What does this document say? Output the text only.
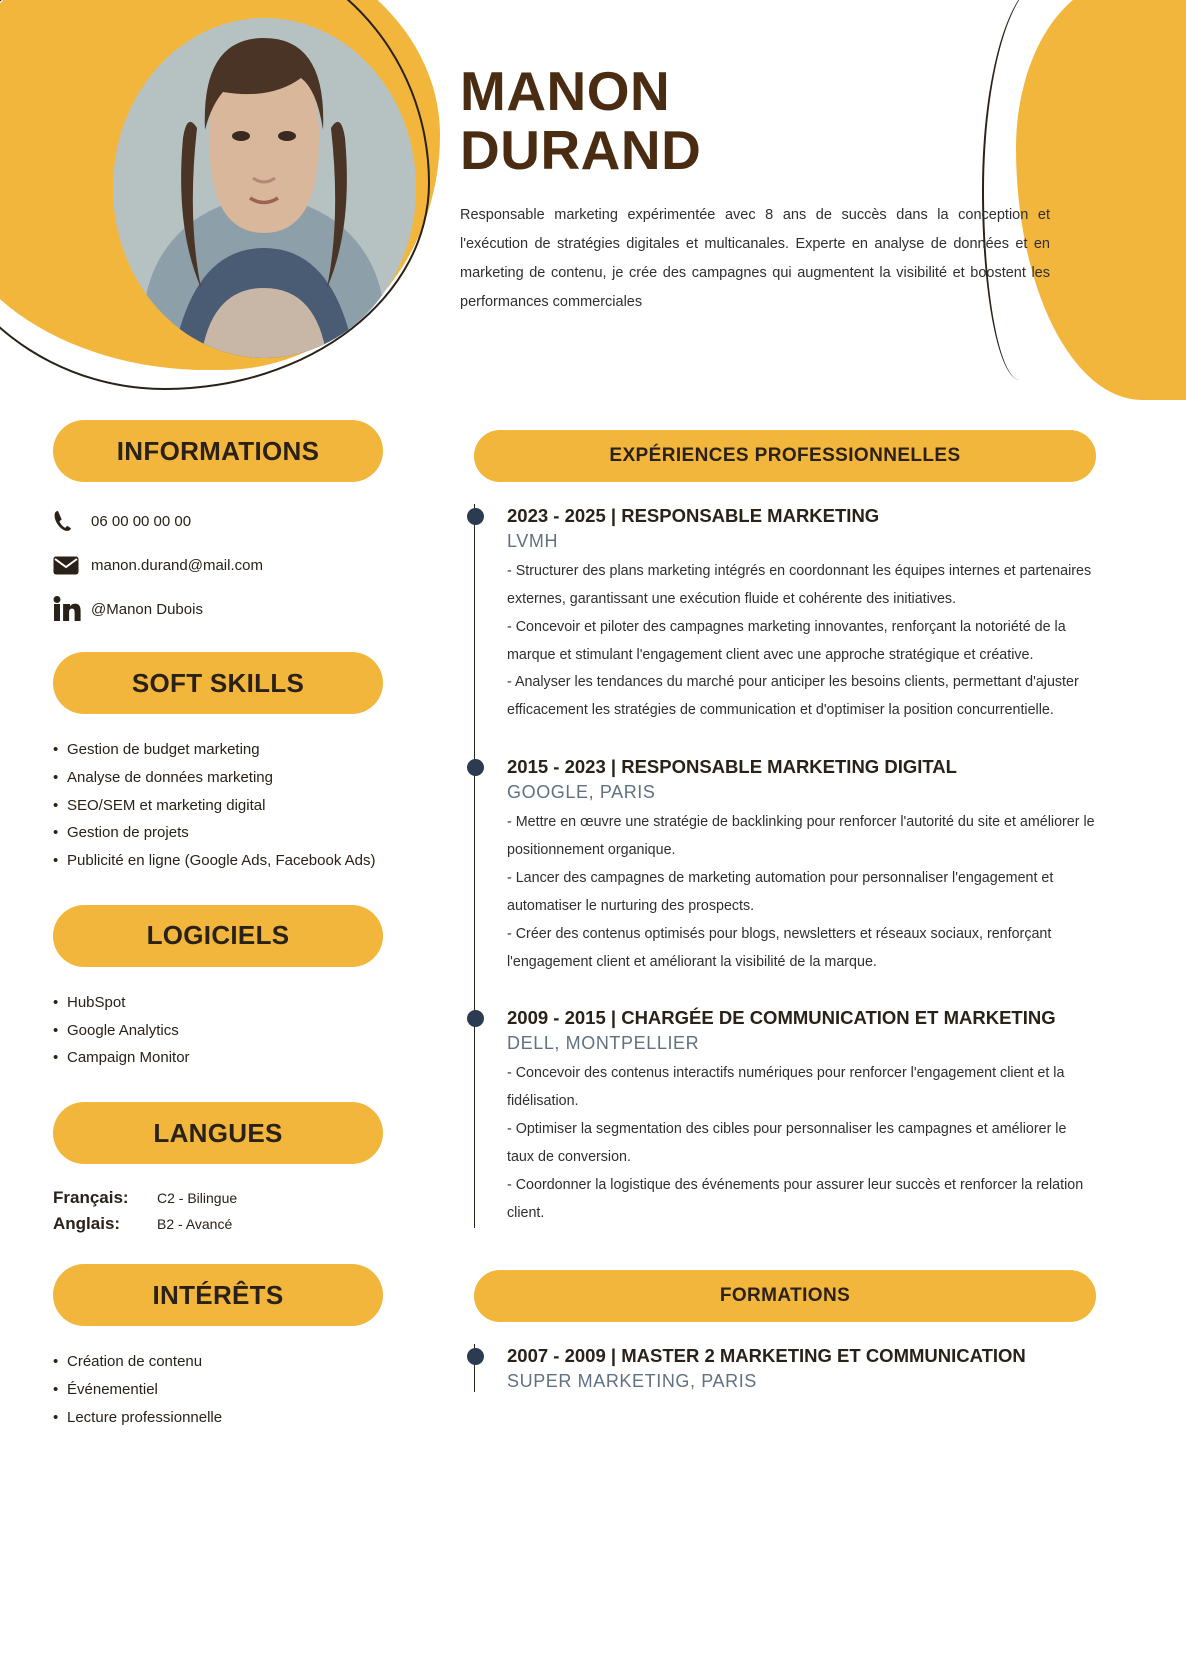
MANON
DURAND
Responsable marketing expérimentée avec 8 ans de succès dans la conception et l'exécution de stratégies digitales et multicanales. Experte en analyse de données et en marketing de contenu, je crée des campagnes qui augmentent la visibilité et boostent les performances commerciales
INFORMATIONS
06 00 00 00 00
manon.durand@mail.com
@Manon Dubois
SOFT SKILLS
• Gestion de budget marketing
• Analyse de données marketing
• SEO/SEM et marketing digital
• Gestion de projets
• Publicité en ligne (Google Ads, Facebook Ads)
LOGICIELS
• HubSpot
• Google Analytics
• Campaign Monitor
LANGUES
Français:	C2 - Bilingue
Anglais:	B2 - Avancé
INTÉRÊTS
• Création de contenu
• Événementiel
• Lecture professionnelle
EXPÉRIENCES PROFESSIONNELLES
2023 - 2025 | RESPONSABLE MARKETING
LVMH
- Structurer des plans marketing intégrés en coordonnant les équipes internes et partenaires externes, garantissant une exécution fluide et cohérente des initiatives.
- Concevoir et piloter des campagnes marketing innovantes, renforçant la notoriété de la marque et stimulant l'engagement client avec une approche stratégique et créative.
- Analyser les tendances du marché pour anticiper les besoins clients, permettant d'ajuster efficacement les stratégies de communication et d'optimiser la position concurrentielle.
2015 - 2023 | RESPONSABLE MARKETING DIGITAL
GOOGLE, PARIS
- Mettre en œuvre une stratégie de backlinking pour renforcer l'autorité du site et améliorer le positionnement organique.
- Lancer des campagnes de marketing automation pour personnaliser l'engagement et automatiser le nurturing des prospects.
- Créer des contenus optimisés pour blogs, newsletters et réseaux sociaux, renforçant l'engagement client et améliorant la visibilité de la marque.
2009 - 2015 | CHARGÉE DE COMMUNICATION ET MARKETING
DELL, MONTPELLIER
- Concevoir des contenus interactifs numériques pour renforcer l'engagement client et la fidélisation.
- Optimiser la segmentation des cibles pour personnaliser les campagnes et améliorer le taux de conversion.
- Coordonner la logistique des événements pour assurer leur succès et renforcer la relation client.
FORMATIONS
2007 - 2009 | MASTER 2 MARKETING ET COMMUNICATION
SUPER MARKETING, PARIS
